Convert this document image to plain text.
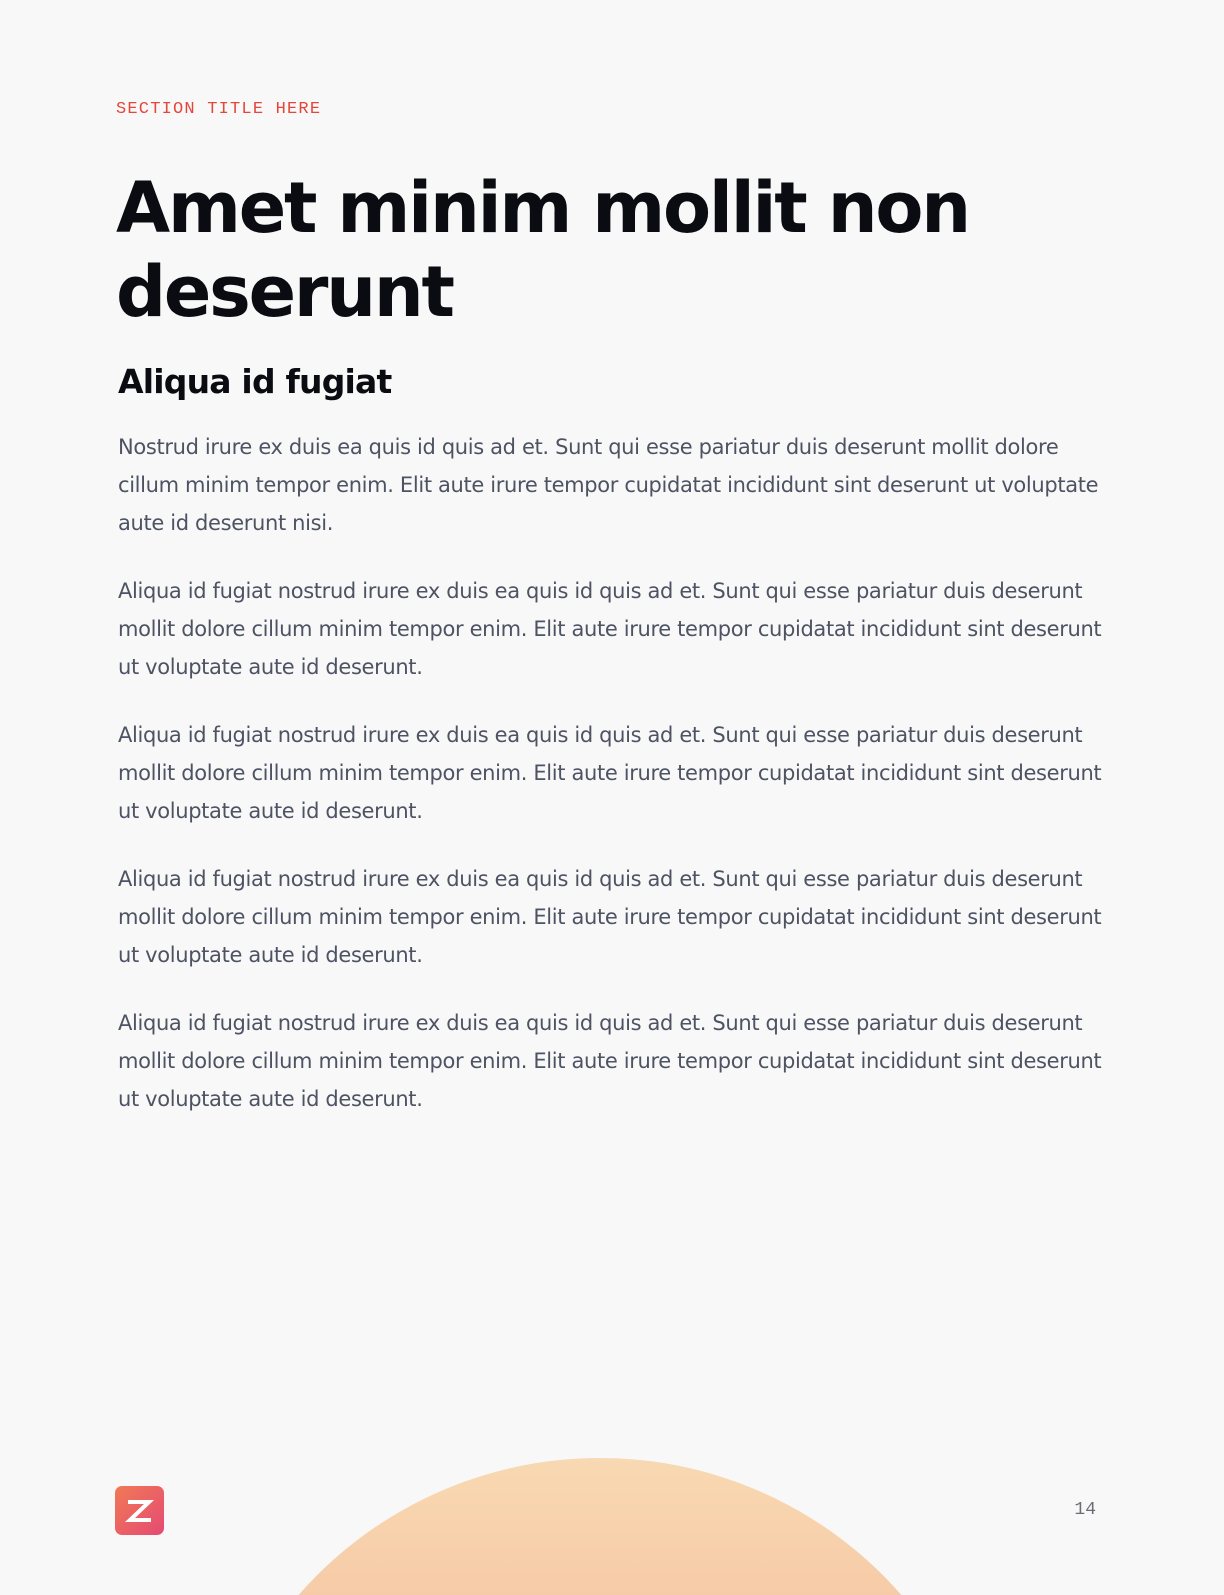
SECTION TITLE HERE
Amet minim mollit non deserunt
Aliqua id fugiat

Nostrud irure ex duis ea quis id quis ad et. Sunt qui esse pariatur duis deserunt mollit dolore cillum minim tempor enim. Elit aute irure tempor cupidatat incididunt sint deserunt ut voluptate aute id deserunt nisi.

Aliqua id fugiat nostrud irure ex duis ea quis id quis ad et. Sunt qui esse pariatur duis deserunt mollit dolore cillum minim tempor enim. Elit aute irure tempor cupidatat incididunt sint deserunt ut voluptate aute id deserunt.

Aliqua id fugiat nostrud irure ex duis ea quis id quis ad et. Sunt qui esse pariatur duis deserunt mollit dolore cillum minim tempor enim. Elit aute irure tempor cupidatat incididunt sint deserunt ut voluptate aute id deserunt.

Aliqua id fugiat nostrud irure ex duis ea quis id quis ad et. Sunt qui esse pariatur duis deserunt mollit dolore cillum minim tempor enim. Elit aute irure tempor cupidatat incididunt sint deserunt ut voluptate aute id deserunt.

Aliqua id fugiat nostrud irure ex duis ea quis id quis ad et. Sunt qui esse pariatur duis deserunt mollit dolore cillum minim tempor enim. Elit aute irure tempor cupidatat incididunt sint deserunt ut voluptate aute id deserunt.

14
